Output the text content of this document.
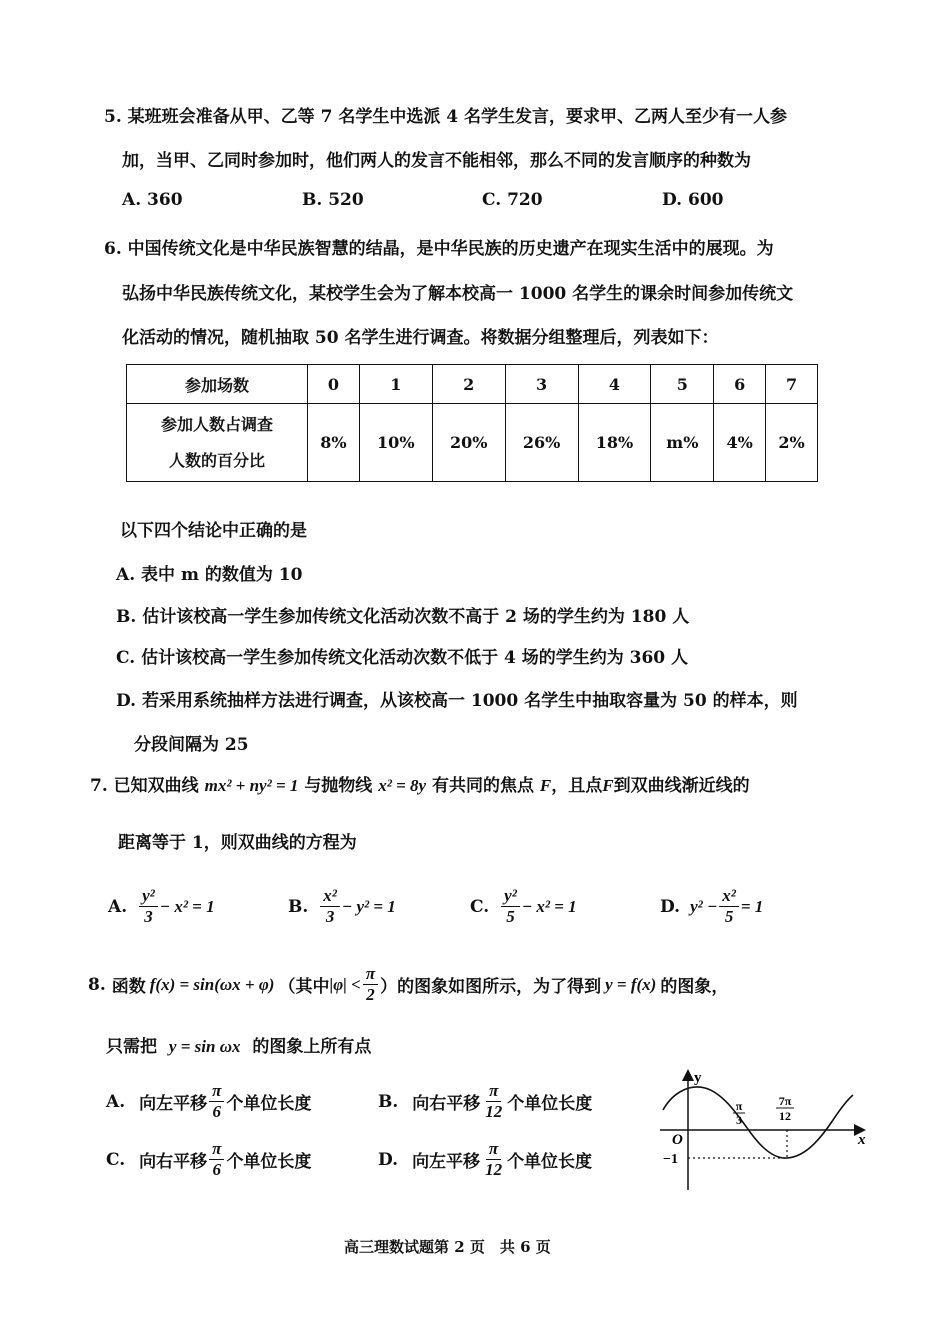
5. 某班班会准备从甲、乙等 7 名学生中选派 4 名学生发言，要求甲、乙两人至少有一人参
加，当甲、乙同时参加时，他们两人的发言不能相邻，那么不同的发言顺序的种数为
A. 360	B. 520	C. 720	D. 600
6. 中国传统文化是中华民族智慧的结晶，是中华民族的历史遗产在现实生活中的展现。为
弘扬中华民族传统文化，某校学生会为了解本校高一 1000 名学生的课余时间参加传统文
化活动的情况，随机抽取 50 名学生进行调查。将数据分组整理后，列表如下：
参加场数	0	1	2	3	4	5	6	7

参加人数占调查
人数的百分比	8%	10%	20%	26%	18%	m%	4%	2%
以下四个结论中正确的是
A. 表中 m 的数值为 10
B. 估计该校高一学生参加传统文化活动次数不高于 2 场的学生约为 180 人
C. 估计该校高一学生参加传统文化活动次数不低于 4 场的学生约为 360 人
D. 若采用系统抽样方法进行调查，从该校高一 1000 名学生中抽取容量为 50 的样本，则
分段间隔为 25
7. 已知双曲线 mx² + ny² = 1 与抛物线 x² = 8y 有共同的焦点 F，且点F到双曲线渐近线的
距离等于 1，则双曲线的方程为
A. $\frac{\text{y²}}{3} - x^2 = 1$	B. $\frac{\text{x²}}{3} - y^2 = 1$	C. $\frac{\text{y²}}{5} - x^2 = 1$	D. $y^2 - \frac{\text{x²}}{5} = 1$
8. 函数 f(x) = sin(ωx + φ) （其中 $|\varphi| < \frac{\pi}{2}$ ）的图象如图所示，为了得到 y = f(x) 的图象，
只需把 y = sin ωx 的图象上所有点
A. 向左平移 $\frac{\pi}{6}$ 个单位长度	B. 向右平移 $\frac{\pi}{12}$ 个单位长度
C. 向右平移 $\frac{\pi}{6}$ 个单位长度	D. 向左平移 $\frac{\pi}{12}$ 个单位长度
y
x
O
−1
π
3
7π
12
高三理数试题第 2 页　共 6 页
